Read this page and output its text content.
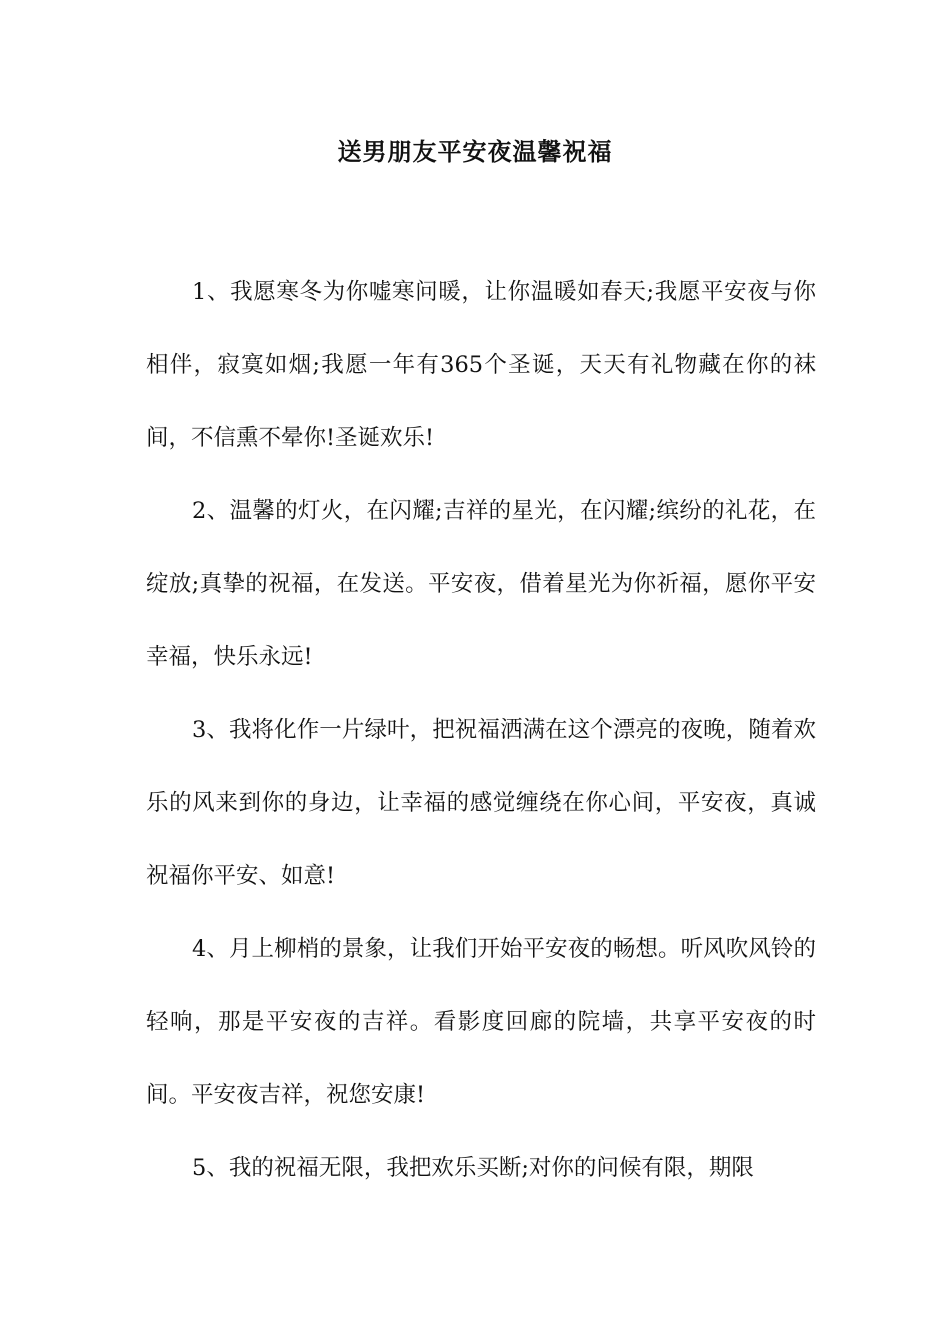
送男朋友平安夜温馨祝福

1、我愿寒冬为你嘘寒问暖，让你温暖如春天;我愿平安夜与你相伴，寂寞如烟;我愿一年有365个圣诞，天天有礼物藏在你的袜间，不信熏不晕你!圣诞欢乐!

2、温馨的灯火，在闪耀;吉祥的星光，在闪耀;缤纷的礼花，在绽放;真挚的祝福，在发送。平安夜，借着星光为你祈福，愿你平安幸福，快乐永远!

3、我将化作一片绿叶，把祝福洒满在这个漂亮的夜晚，随着欢乐的风来到你的身边，让幸福的感觉缠绕在你心间，平安夜，真诚祝福你平安、如意!

4、月上柳梢的景象，让我们开始平安夜的畅想。听风吹风铃的轻响，那是平安夜的吉祥。看影度回廊的院墙，共享平安夜的时间。平安夜吉祥，祝您安康!

5、我的祝福无限，我把欢乐买断;对你的问候有限，期限
